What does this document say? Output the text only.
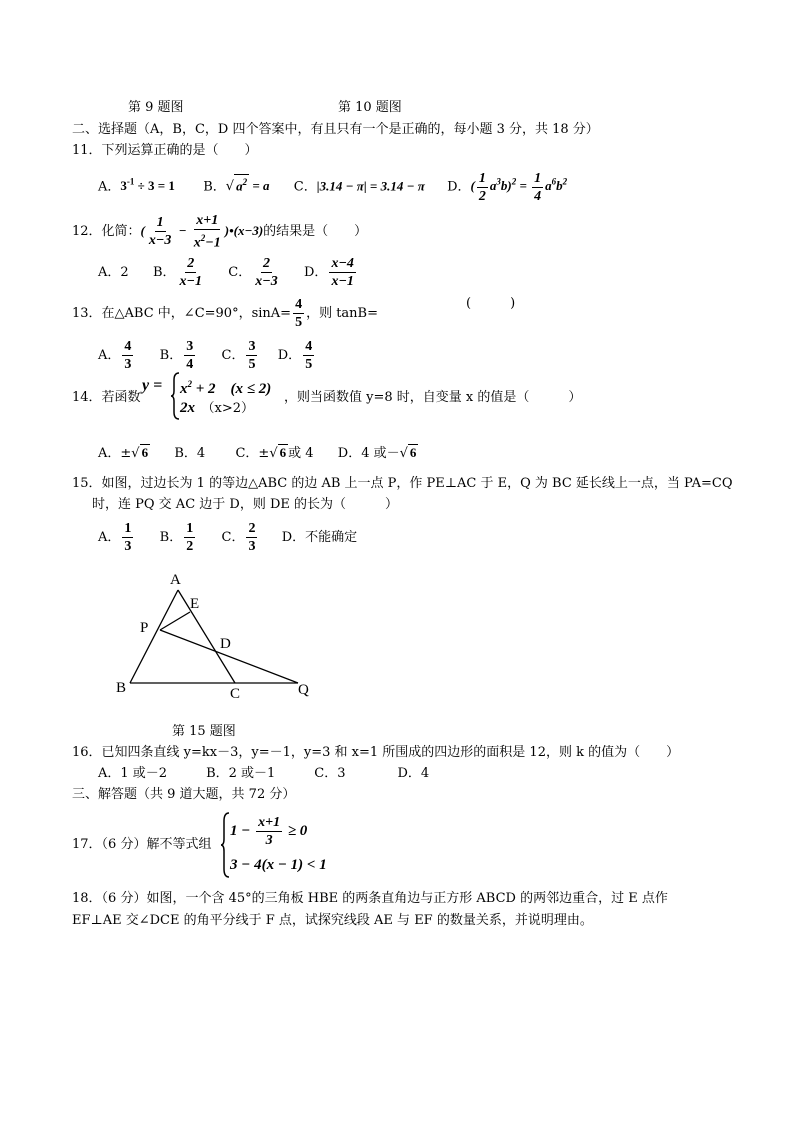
第 9 题图	第 10 题图
二、选择题（A，B，C，D 四个答案中，有且只有一个是正确的，每小题 3 分，共 18 分）
11．下列运算正确的是（　　）
A．$3^{-1} \div 3 = 1$ B．√ $a^2 = a$ C．|3.14 − π| = 3.14 − π D．( $\frac{1}{2} a^3b)^2 = \frac{1}{4} a^6b^2$
12．化简：( $\frac{1}{x-3} - \frac{x+1}{x^2-1}$ )•(x−3)的结果是（　　）
A．2 B． $\frac{2}{x-1}$ C． $\frac{2}{x-3}$ D． $\frac{x-4}{x-1}$
13．在△ABC 中，∠C=90°，$\sin A= \frac{4}{5}$ ，则 tanB=
(　　　)
A． $\frac{4}{3}$ B． $\frac{3}{4}$ C． $\frac{3}{5}$ D． $\frac{4}{5}$
14．若函数
$y = x^2 + 2$　(x ≤ 2)
2x　 （x>2）
，则当函数值 y=8 时，自变量 x 的值是（　　　）
A．±√ 6 B．4 C．±√ 6 或 4 D．4 或－√ 6
15．如图，过边长为 1 的等边△ABC 的边 AB 上一点 P，作 PE⊥AC 于 E，Q 为 BC 延长线上一点，当 PA=CQ
时，连 PQ 交 AC 边于 D，则 DE 的长为（　　　）
A． $\frac{1}{3}$ B． $\frac{1}{2}$ C． $\frac{2}{3}$ D．不能确定
A
E
P
D
B	C	Q
第 15 题图
16．已知四条直线 y=kx－3，y=－1，y=3 和 x=1 所围成的四边形的面积是 12，则 k 的值为（　　）
A．1 或－2　　　B．2 或－1　　　C．3　　　　D．4
三、解答题（共 9 道大题，共 72 分）
17．（6 分）解不等式组
$1 - \frac{x+1}{3} \ge 0$
3 − 4(x − 1) < 1
18．（6 分）如图，一个含 45°的三角板 HBE 的两条直角边与正方形 ABCD 的两邻边重合，过 E 点作
EF⊥AE 交∠DCE 的角平分线于 F 点，试探究线段 AE 与 EF 的数量关系，并说明理由。
